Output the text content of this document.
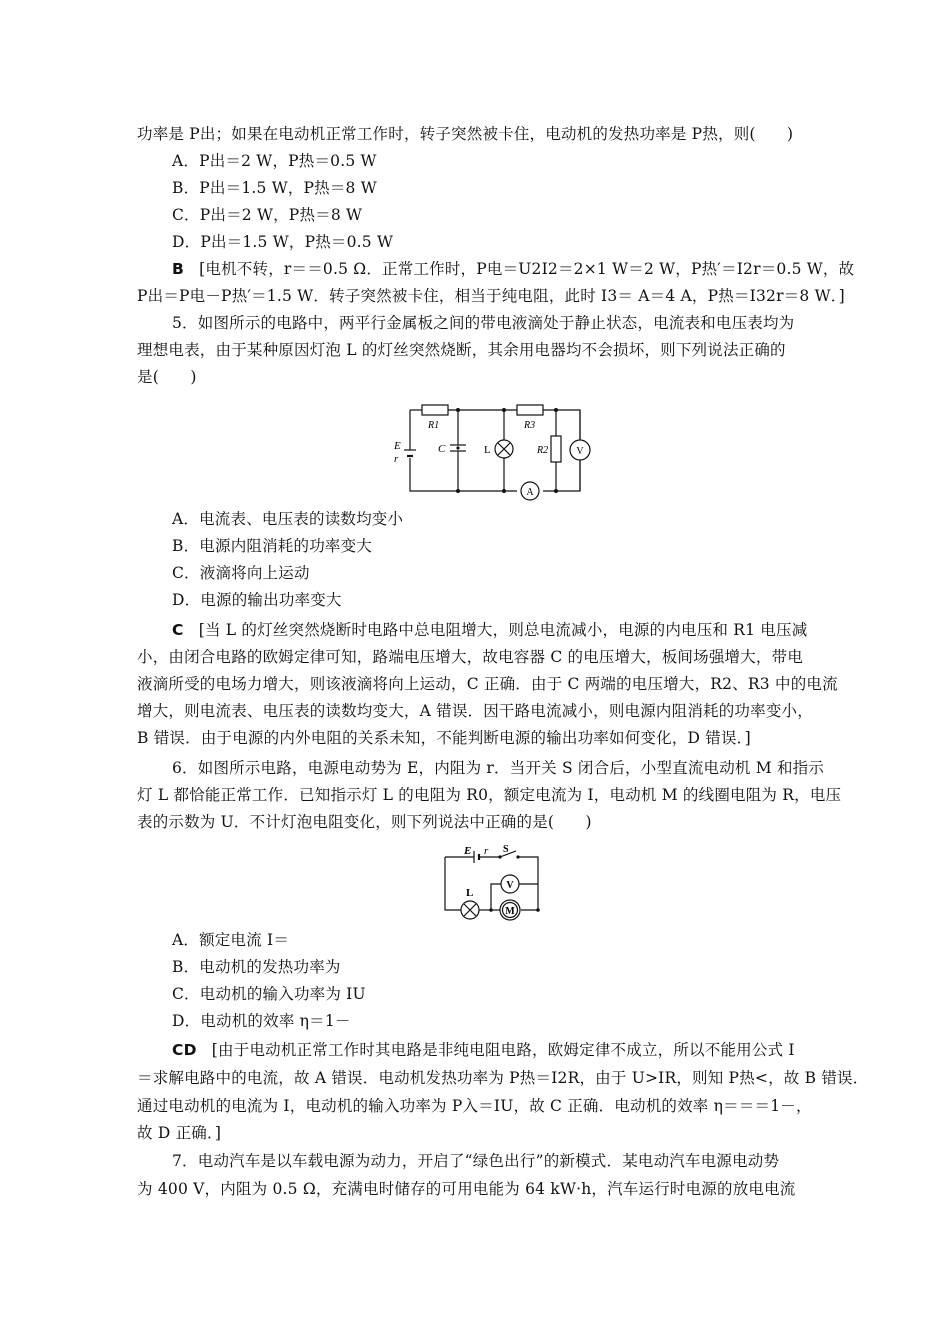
功率是 P出；如果在电动机正常工作时，转子突然被卡住，电动机的发热功率是 P热，则(　　)
A．P出＝2 W，P热＝0.5 W
B．P出＝1.5 W，P热＝8 W
C．P出＝2 W，P热＝8 W
D．P出＝1.5 W，P热＝0.5 W
B [电机不转，r＝＝0.5 Ω．正常工作时，P电＝U2I2＝2×1 W＝2 W，P热′＝I2r＝0.5 W，故
P出＝P电－P热′＝1.5 W．转子突然被卡住，相当于纯电阻，此时 I3＝ A＝4 A，P热＝I32r＝8 W．]
5．如图所示的电路中，两平行金属板之间的带电液滴处于静止状态，电流表和电压表均为
理想电表，由于某种原因灯泡 L 的灯丝突然烧断，其余用电器均不会损坏，则下列说法正确的
是(　　)
E
r
R1
C	L
R3
R2	V
A
A．电流表、电压表的读数均变小
B．电源内阻消耗的功率变大
C．液滴将向上运动
D．电源的输出功率变大
C [当 L 的灯丝突然烧断时电路中总电阻增大，则总电流减小，电源的内电压和 R1 电压减
小，由闭合电路的欧姆定律可知，路端电压增大，故电容器 C 的电压增大，板间场强增大，带电
液滴所受的电场力增大，则该液滴将向上运动，C 正确．由于 C 两端的电压增大，R2、R3 中的电流
增大，则电流表、电压表的读数均变大，A 错误．因干路电流减小，则电源内阻消耗的功率变小，
B 错误．由于电源的内外电阻的关系未知，不能判断电源的输出功率如何变化，D 错误．]
6．如图所示电路，电源电动势为 E，内阻为 r．当开关 S 闭合后，小型直流电动机 M 和指示
灯 L 都恰能正常工作．已知指示灯 L 的电阻为 R0，额定电流为 I，电动机 M 的线圈电阻为 R，电压
表的示数为 U．不计灯泡电阻变化，则下列说法中正确的是(　　)
E r S
L
V
M
A．额定电流 I＝
B．电动机的发热功率为
C．电动机的输入功率为 IU
D．电动机的效率 η＝1－
CD [由于电动机正常工作时其电路是非纯电阻电路，欧姆定律不成立，所以不能用公式 I
＝求解电路中的电流，故 A 错误．电动机发热功率为 P热＝I2R，由于 U>IR，则知 P热<，故 B 错误．
通过电动机的电流为 I，电动机的输入功率为 P入＝IU，故 C 正确．电动机的效率 η＝＝＝1－，
故 D 正确．]
7．电动汽车是以车载电源为动力，开启了“绿色出行”的新模式．某电动汽车电源电动势
为 400 V，内阻为 0.5 Ω，充满电时储存的可用电能为 64 kW·h，汽车运行时电源的放电电流
